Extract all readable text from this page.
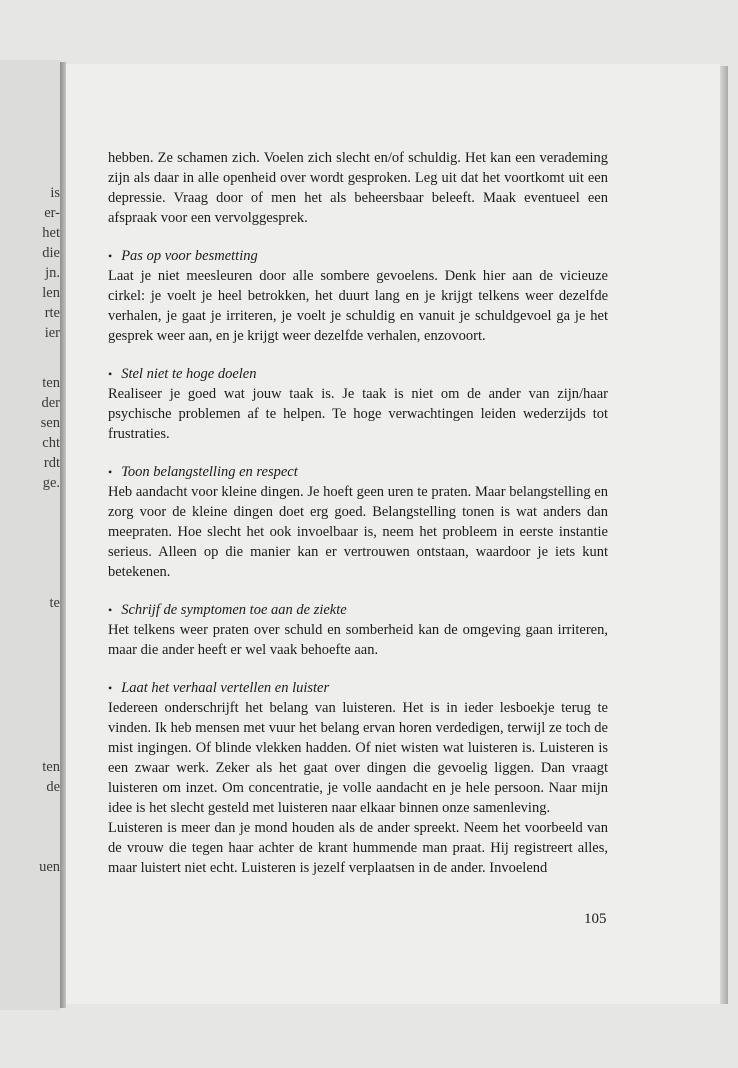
is
er-
het
die
jn.
len
rte
ier
ten
der
sen
cht
rdt
ge.
te
ten
de
uen

hebben. Ze schamen zich. Voelen zich slecht en/of schuldig. Het kan een verademing zijn als daar in alle openheid over wordt gesproken. Leg uit dat het voortkomt uit een depressie. Vraag door of men het als beheersbaar beleeft. Maak eventueel een afspraak voor een vervolggesprek.

• Pas op voor besmetting

Laat je niet meesleuren door alle sombere gevoelens. Denk hier aan de vicieuze cirkel: je voelt je heel betrokken, het duurt lang en je krijgt telkens weer dezelfde verhalen, je gaat je irriteren, je voelt je schuldig en vanuit je schuldgevoel ga je het gesprek weer aan, en je krijgt weer dezelfde verhalen, enzovoort.

• Stel niet te hoge doelen

Realiseer je goed wat jouw taak is. Je taak is niet om de ander van zijn/haar psychische problemen af te helpen. Te hoge verwachtingen leiden wederzijds tot frustraties.

• Toon belangstelling en respect

Heb aandacht voor kleine dingen. Je hoeft geen uren te praten. Maar belangstelling en zorg voor de kleine dingen doet erg goed. Belangstelling tonen is wat anders dan meepraten. Hoe slecht het ook invoelbaar is, neem het probleem in eerste instantie serieus. Alleen op die manier kan er vertrouwen ontstaan, waardoor je iets kunt betekenen.

• Schrijf de symptomen toe aan de ziekte

Het telkens weer praten over schuld en somberheid kan de omgeving gaan irriteren, maar die ander heeft er wel vaak behoefte aan.

• Laat het verhaal vertellen en luister

Iedereen onderschrijft het belang van luisteren. Het is in ieder lesboekje terug te vinden. Ik heb mensen met vuur het belang ervan horen verdedigen, terwijl ze toch de mist ingingen. Of blinde vlekken hadden. Of niet wisten wat luisteren is. Luisteren is een zwaar werk. Zeker als het gaat over dingen die gevoelig liggen. Dan vraagt luisteren om inzet. Om concentratie, je volle aandacht en je hele persoon. Naar mijn idee is het slecht gesteld met luisteren naar elkaar binnen onze samenleving.

Luisteren is meer dan je mond houden als de ander spreekt. Neem het voorbeeld van de vrouw die tegen haar achter de krant hummende man praat. Hij registreert alles, maar luistert niet echt. Luisteren is jezelf verplaatsen in de ander. Invoelend

105
